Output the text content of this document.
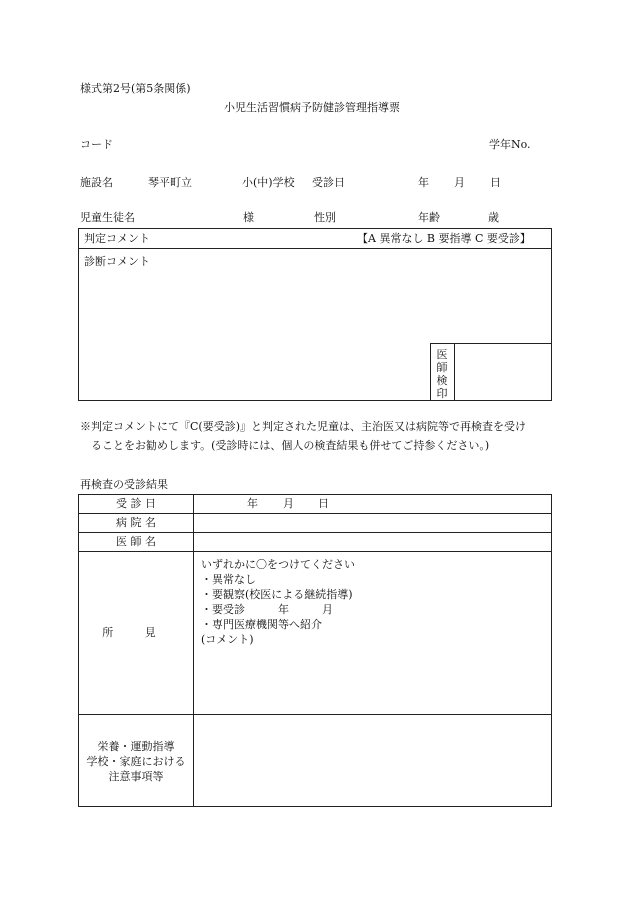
様式第2号(第5条関係)
小児生活習慣病予防健診管理指導票
コード	学年No.
施設名	琴平町立	小(中)学校 受診日	年 月 日
児童生徒名	様	性別	年齢	歳
判定コメント	【A 異常なし B 要指導 C 要受診】
診断コメント
医
師
検
印
※判定コメントにて『C(要受診)』と判定された児童は、主治医又は病院等で再検査を受け
ることをお勧めします。(受診時には、個人の検査結果も併せてご持参ください。)
再検査の受診結果
受 診 日	年 月 日
病 院 名
医 師 名
所 見
いずれかに〇をつけてください
・異常なし
・要観察(校医による継続指導)
・要受診　　　年　　　月
・専門医療機関等へ紹介
(コメント)
栄養・運動指導
学校・家庭における
注意事項等
